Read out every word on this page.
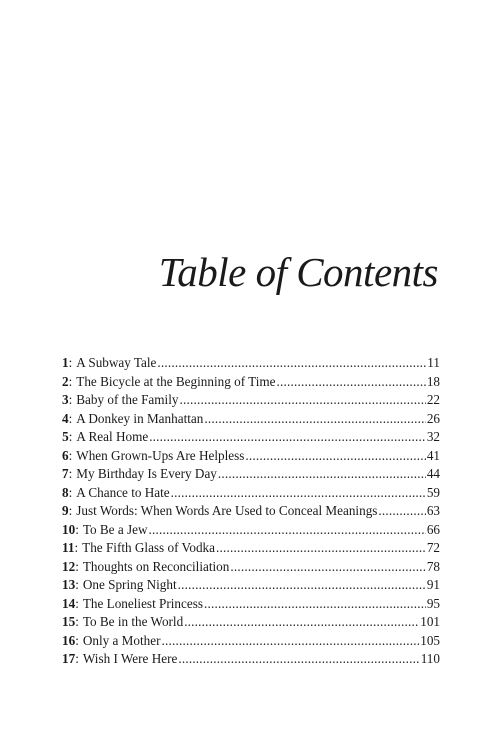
Table of Contents
1 : A Subway Tale .....	11
2 : The Bicycle at the Beginning of Time .....	18
3 : Baby of the Family .....	22
4 : A Donkey in Manhattan .....	26
5 : A Real Home .....	32
6 : When Grown-Ups Are Helpless .....	41
7 : My Birthday Is Every Day .....	44
8 : A Chance to Hate .....	59
9 : Just Words: When Words Are Used to Conceal Meanings .....	63
10 : To Be a Jew .....	66
11 : The Fifth Glass of Vodka .....	72
12 : Thoughts on Reconciliation .....	78
13 : One Spring Night .....	91
14 : The Loneliest Princess .....	95
15 : To Be in the World .....	101
16 : Only a Mother .....	105
17 : Wish I Were Here .....	110
